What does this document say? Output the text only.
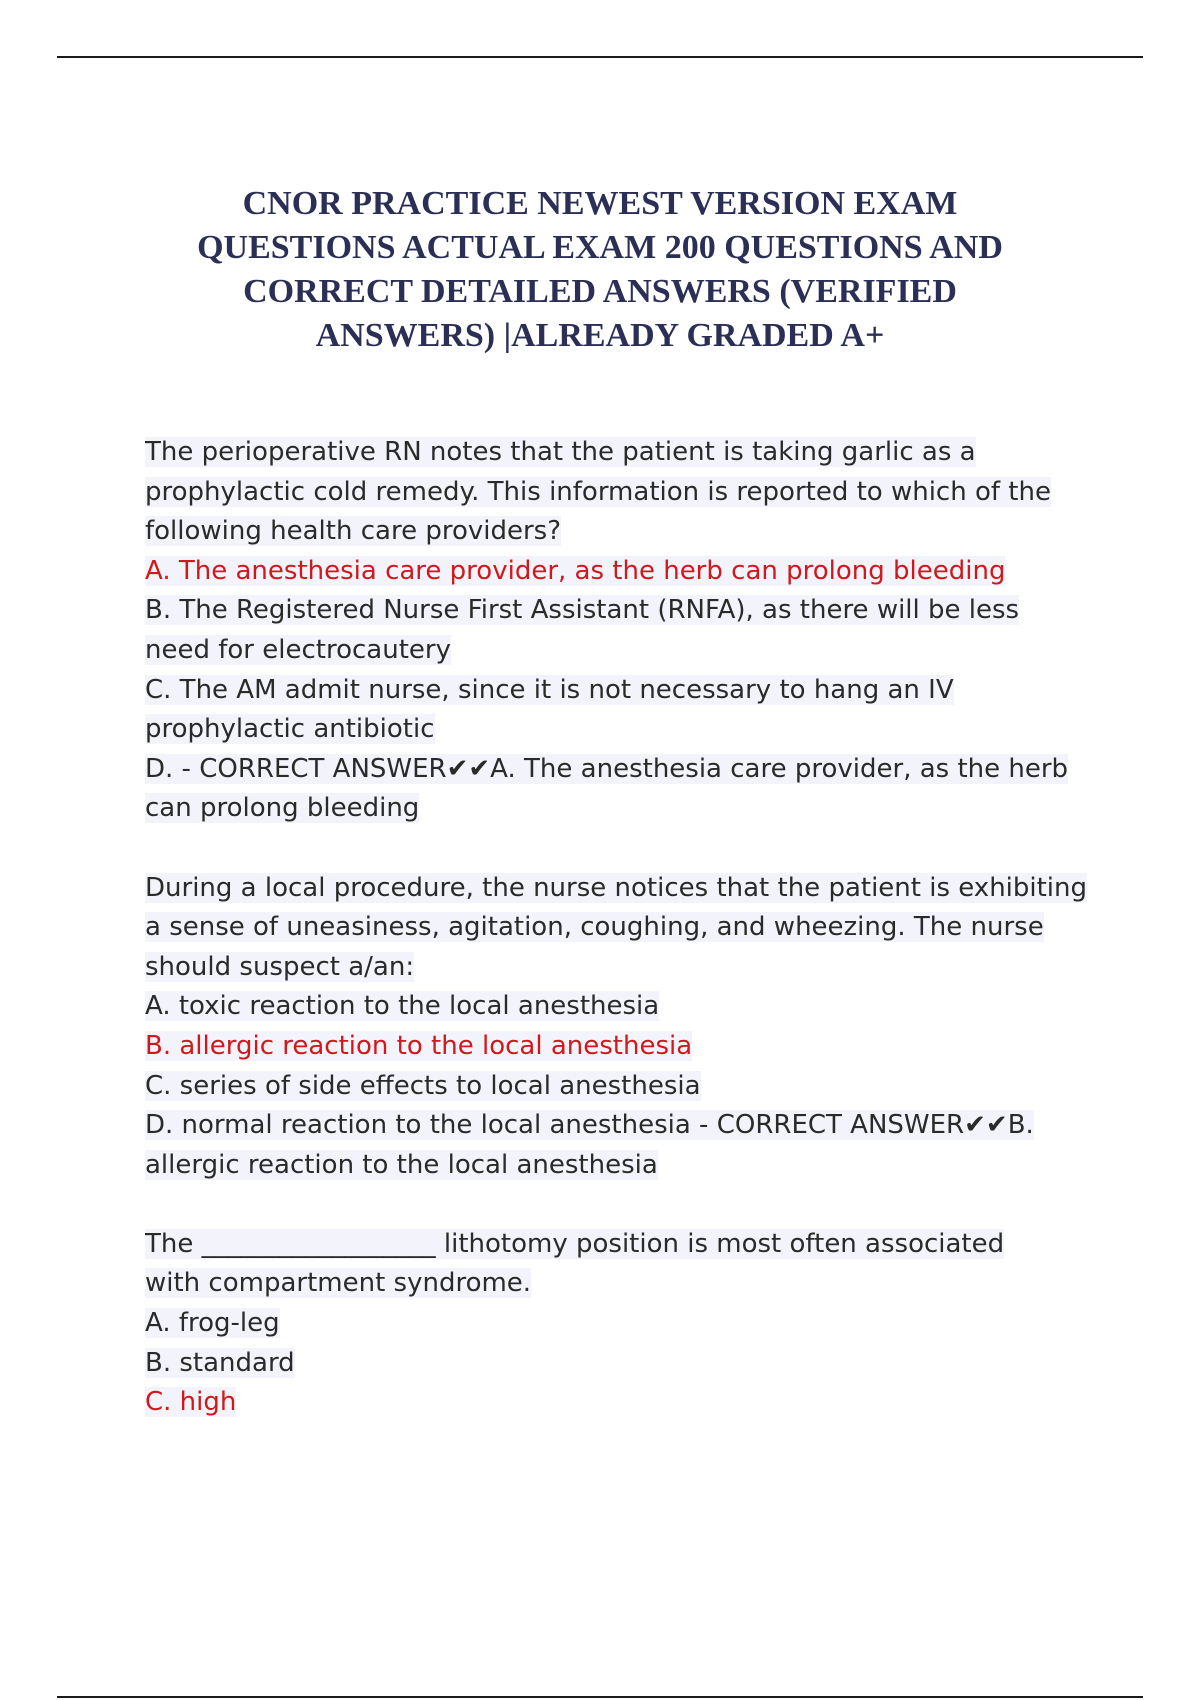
CNOR PRACTICE NEWEST VERSION EXAM
QUESTIONS ACTUAL EXAM 200 QUESTIONS AND
CORRECT DETAILED ANSWERS (VERIFIED
ANSWERS) |ALREADY GRADED A+
The perioperative RN notes that the patient is taking garlic as a
prophylactic cold remedy. This information is reported to which of the
following health care providers?
A. The anesthesia care provider, as the herb can prolong bleeding
B. The Registered Nurse First Assistant (RNFA), as there will be less
need for electrocautery
C. The AM admit nurse, since it is not necessary to hang an IV
prophylactic antibiotic
D. - CORRECT ANSWER✔✔A. The anesthesia care provider, as the herb
can prolong bleeding
During a local procedure, the nurse notices that the patient is exhibiting
a sense of uneasiness, agitation, coughing, and wheezing. The nurse
should suspect a/an:
A. toxic reaction to the local anesthesia
B. allergic reaction to the local anesthesia
C. series of side effects to local anesthesia
D. normal reaction to the local anesthesia - CORRECT ANSWER✔✔B.
allergic reaction to the local anesthesia
The __________________ lithotomy position is most often associated
with compartment syndrome.
A. frog-leg
B. standard
C. high
